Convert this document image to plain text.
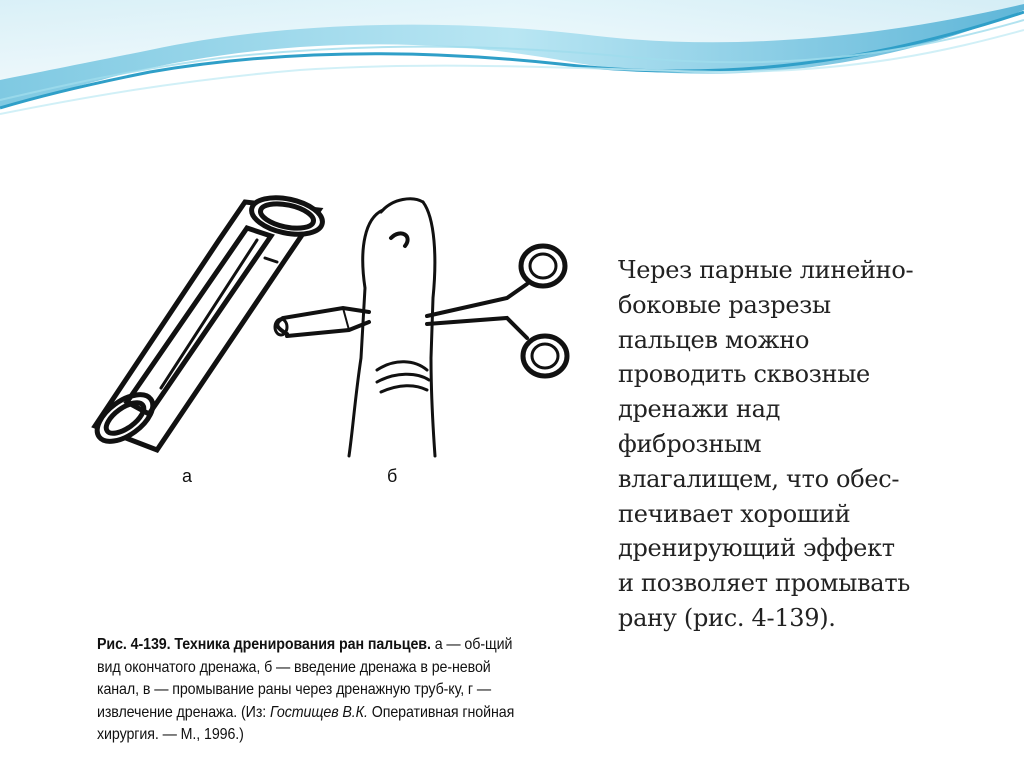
а	б

Рис. 4-139. Техника дренирования ран пальцев. а — об-щий вид окончатого дренажа, б — введение дренажа в ре-невой канал, в — промывание раны через дренажную труб-ку, г — извлечение дренажа. (Из: Гостищев В.К. Оперативная гнойная хирургия. — М., 1996.)

Через парные линейно-
боковые разрезы
пальцев можно
проводить сквозные
дренажи над
фиброзным
влагалищем, что обес-
печивает хороший
дренирующий эффект
и позволяет промывать
рану (рис. 4-139).
